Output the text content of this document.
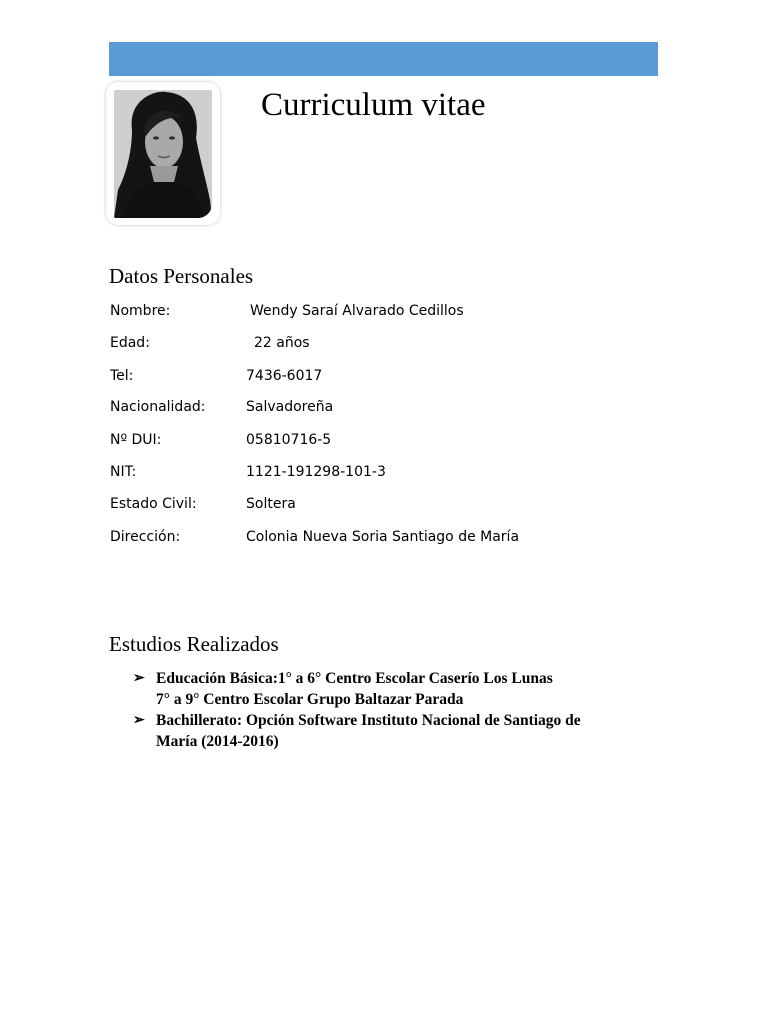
Curriculum vitae
Datos Personales
Nombre:	Wendy Saraí Alvarado Cedillos
Edad:	22 años
Tel:	7436-6017
Nacionalidad:	Salvadoreña
Nº DUI:	05810716-5
NIT:	1121-191298-101-3
Estado Civil:	Soltera
Dirección:	Colonia Nueva Soria Santiago de María
Estudios Realizados
➢ Educación Básica:1° a 6° Centro Escolar Caserío Los Lunas
7° a 9° Centro Escolar Grupo Baltazar Parada
➢ Bachillerato: Opción Software Instituto Nacional de Santiago de
María (2014-2016)
